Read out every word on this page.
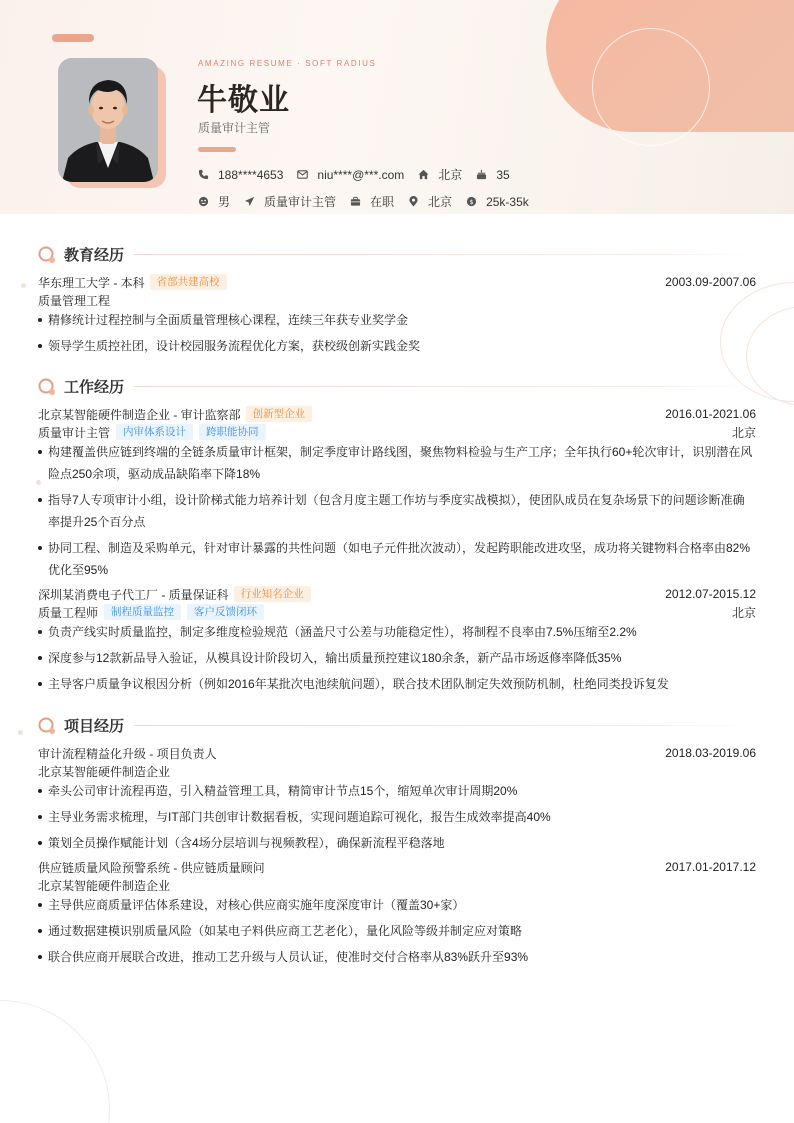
AMAZING RESUME · SOFT RADIUS
牛敬业
质量审计主管
188****4653	niu****@***.com	北京	35
男	质量审计主管	在职	北京 $ 25k-35k
教育经历
华东理工大学 - 本科	省部共建高校	2003.09-2007.06
质量管理工程
精修统计过程控制与全面质量管理核心课程，连续三年获专业奖学金
领导学生质控社团，设计校园服务流程优化方案，获校级创新实践金奖
工作经历
北京某智能硬件制造企业 - 审计监察部	创新型企业	2016.01-2021.06
质量审计主管	内审体系设计	跨职能协同	北京
构建覆盖供应链到终端的全链条质量审计框架，制定季度审计路线图，聚焦物料检验与生产工序；全年执行60+轮次审计，识别潜在风险点250余项，驱动成品缺陷率下降18%
指导7人专项审计小组，设计阶梯式能力培养计划（包含月度主题工作坊与季度实战模拟），使团队成员在复杂场景下的问题诊断准确率提升25个百分点
协同工程、制造及采购单元，针对审计暴露的共性问题（如电子元件批次波动），发起跨职能改进攻坚，成功将关键物料合格率由82%优化至95%
深圳某消费电子代工厂 - 质量保证科	行业知名企业	2012.07-2015.12
质量工程师	制程质量监控	客户反馈闭环	北京
负责产线实时质量监控，制定多维度检验规范（涵盖尺寸公差与功能稳定性），将制程不良率由7.5%压缩至2.2%
深度参与12款新品导入验证，从模具设计阶段切入，输出质量预控建议180余条，新产品市场返修率降低35%
主导客户质量争议根因分析（例如2016年某批次电池续航问题），联合技术团队制定失效预防机制，杜绝同类投诉复发
项目经历
审计流程精益化升级 - 项目负责人	2018.03-2019.06
北京某智能硬件制造企业
牵头公司审计流程再造，引入精益管理工具，精简审计节点15个，缩短单次审计周期20%
主导业务需求梳理，与IT部门共创审计数据看板，实现问题追踪可视化，报告生成效率提高40%
策划全员操作赋能计划（含4场分层培训与视频教程），确保新流程平稳落地
供应链质量风险预警系统 - 供应链质量顾问	2017.01-2017.12
北京某智能硬件制造企业
主导供应商质量评估体系建设，对核心供应商实施年度深度审计（覆盖30+家）
通过数据建模识别质量风险（如某电子料供应商工艺老化），量化风险等级并制定应对策略
联合供应商开展联合改进，推动工艺升级与人员认证，使准时交付合格率从83%跃升至93%
